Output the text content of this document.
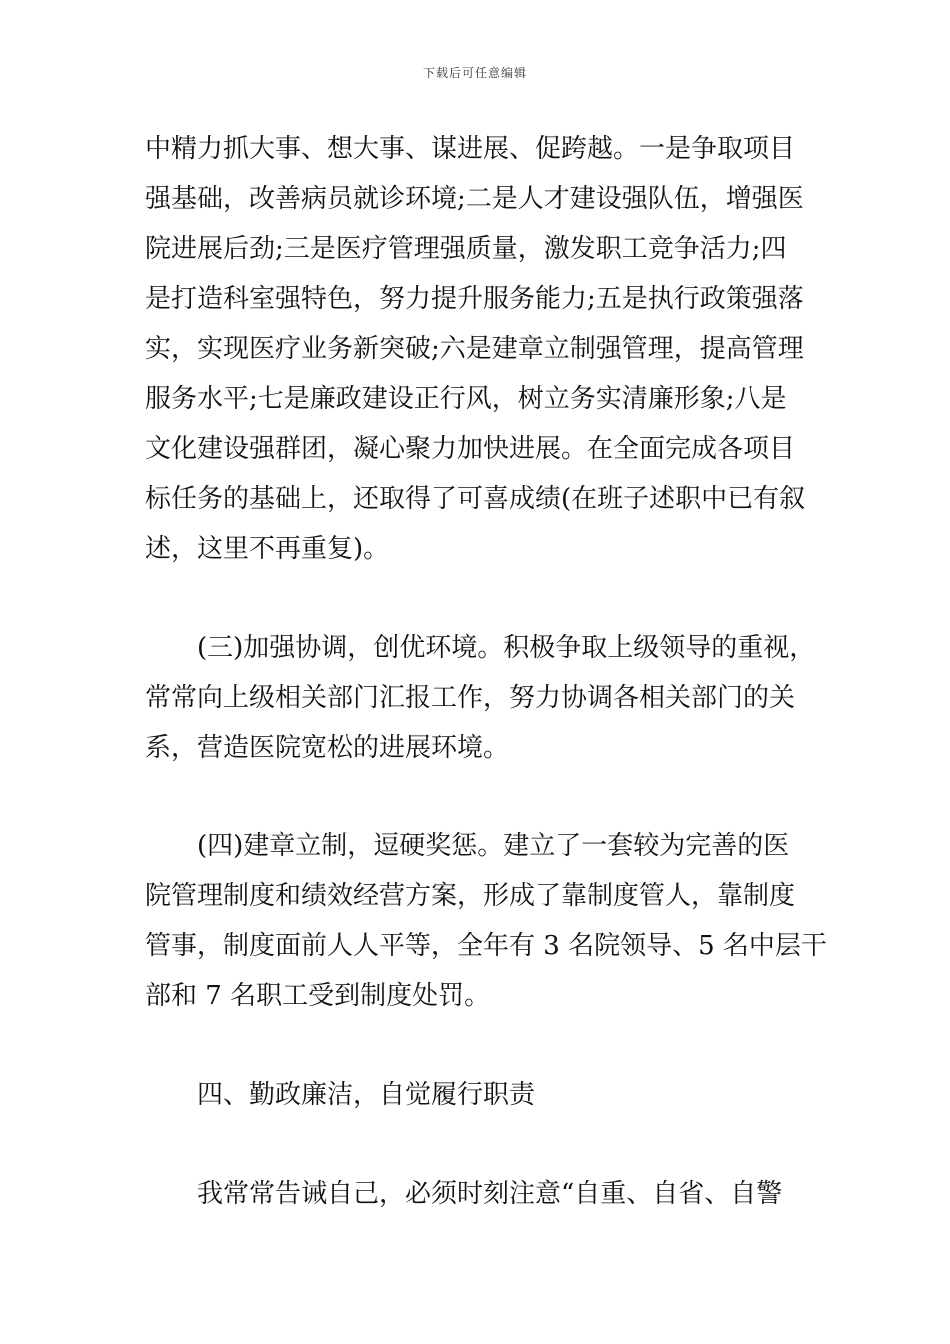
下载后可任意编辑
中精力抓大事、想大事、谋进展、促跨越。一是争取项目
强基础，改善病员就诊环境;二是人才建设强队伍，增强医
院进展后劲;三是医疗管理强质量，激发职工竞争活力;四
是打造科室强特色，努力提升服务能力;五是执行政策强落
实，实现医疗业务新突破;六是建章立制强管理，提高管理
服务水平;七是廉政建设正行风，树立务实清廉形象;八是
文化建设强群团，凝心聚力加快进展。在全面完成各项目
标任务的基础上，还取得了可喜成绩(在班子述职中已有叙
述，这里不再重复)。
(三)加强协调，创优环境。积极争取上级领导的重视，
常常向上级相关部门汇报工作，努力协调各相关部门的关
系，营造医院宽松的进展环境。
(四)建章立制，逗硬奖惩。建立了一套较为完善的医
院管理制度和绩效经营方案，形成了靠制度管人，靠制度
管事，制度面前人人平等，全年有 3 名院领导、5 名中层干
部和 7 名职工受到制度处罚。
四、勤政廉洁，自觉履行职责
我常常告诫自己，必须时刻注意“自重、自省、自警
